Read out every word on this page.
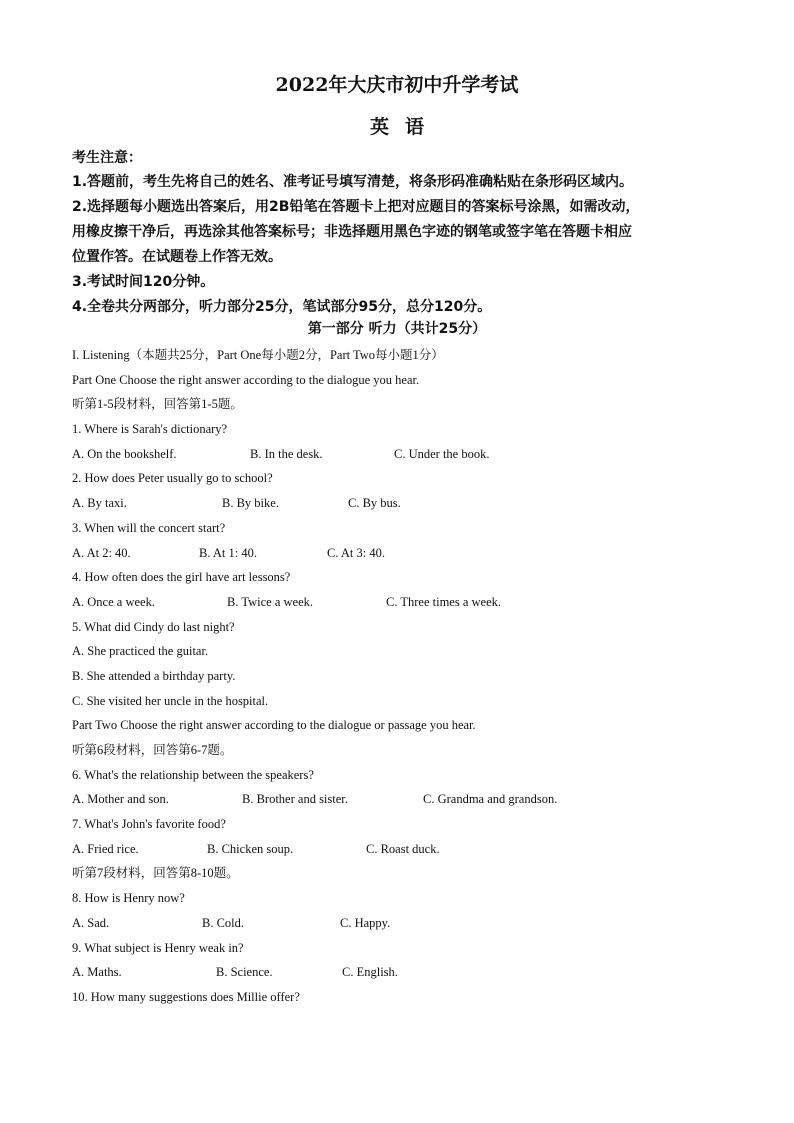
2022年大庆市初中升学考试
英语
考生注意：
1.答题前，考生先将自己的姓名、准考证号填写清楚，将条形码准确粘贴在条形码区域内。
2.选择题每小题选出答案后，用2B铅笔在答题卡上把对应题目的答案标号涂黑，如需改动，
用橡皮擦干净后，再选涂其他答案标号；非选择题用黑色字迹的钢笔或签字笔在答题卡相应
位置作答。在试题卷上作答无效。
3.考试时间120分钟。
4.全卷共分两部分，听力部分25分，笔试部分95分，总分120分。
第一部分 听力（共计25分）
I. Listening（本题共25分，Part One每小题2分，Part Two每小题1分）
Part One Choose the right answer according to the dialogue you hear.
听第1-5段材料，回答第1-5题。
1. Where is Sarah's dictionary?
A. On the bookshelf.	B. In the desk.	C. Under the book.
2. How does Peter usually go to school?
A. By taxi.	B. By bike.	C. By bus.
3. When will the concert start?
A. At 2: 40.	B. At 1: 40.	C. At 3: 40.
4. How often does the girl have art lessons?
A. Once a week.	B. Twice a week.	C. Three times a week.
5. What did Cindy do last night?
A. She practiced the guitar.
B. She attended a birthday party.
C. She visited her uncle in the hospital.
Part Two Choose the right answer according to the dialogue or passage you hear.
听第6段材料，回答第6-7题。
6. What's the relationship between the speakers?
A. Mother and son.	B. Brother and sister.	C. Grandma and grandson.
7. What's John's favorite food?
A. Fried rice.	B. Chicken soup.	C. Roast duck.
听第7段材料，回答第8-10题。
8. How is Henry now?
A. Sad.	B. Cold.	C. Happy.
9. What subject is Henry weak in?
A. Maths.	B. Science.	C. English.
10. How many suggestions does Millie offer?
